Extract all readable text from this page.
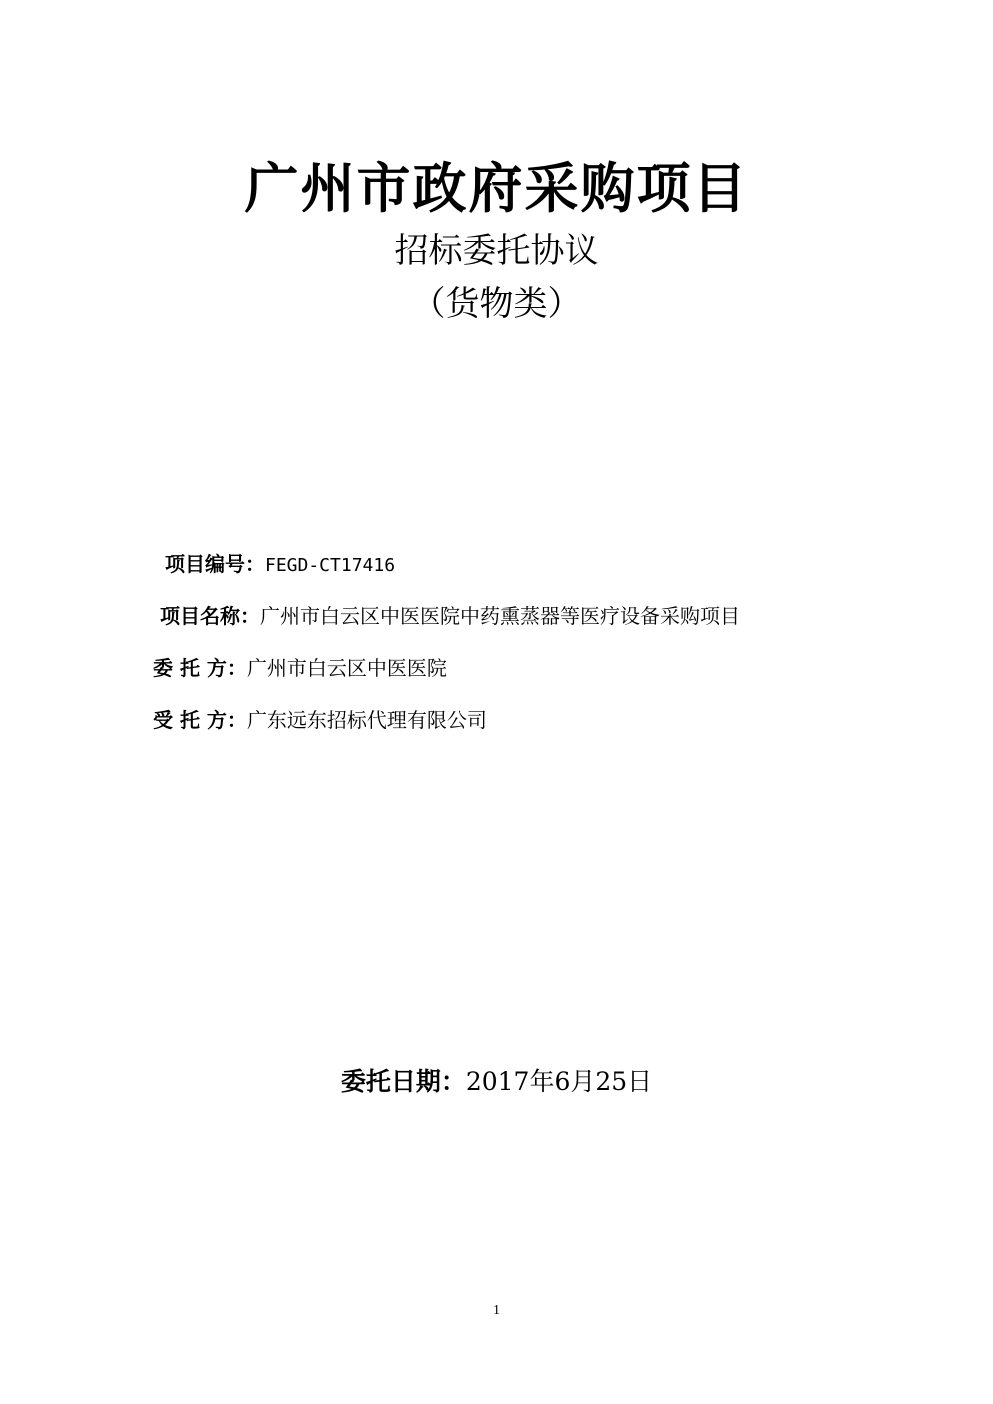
广州市政府采购项目
招标委托协议
（货物类）
项目编号：FEGD-CT17416
项目名称：广州市白云区中医医院中药熏蒸器等医疗设备采购项目
委 托 方：广州市白云区中医医院
受 托 方：广东远东招标代理有限公司
委托日期：2017年6月25日
1
